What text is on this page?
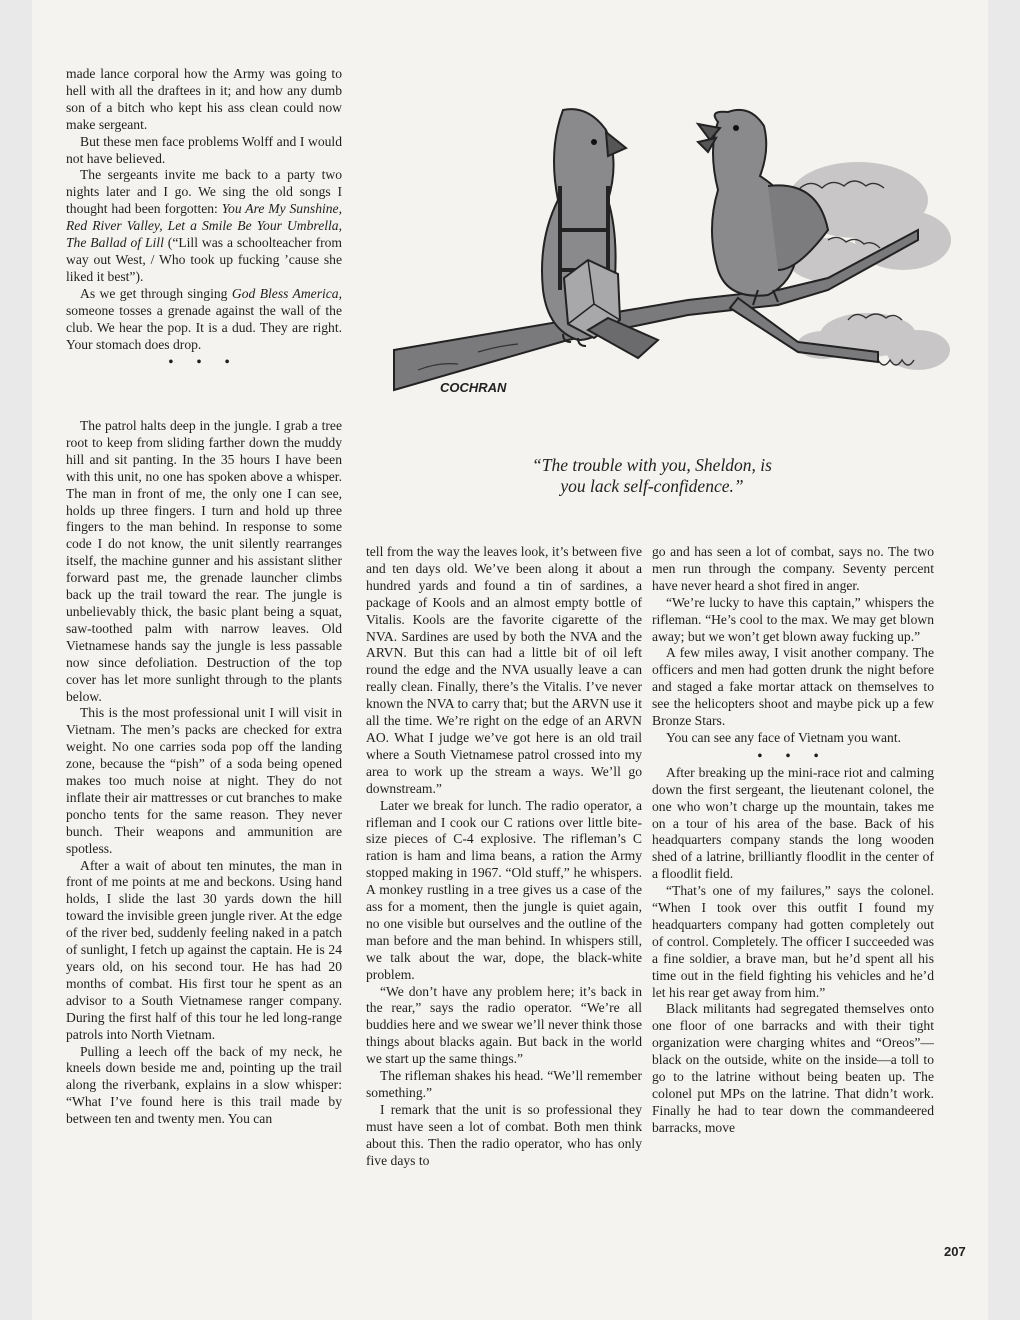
made lance corporal how the Army was going to hell with all the draftees in it; and how any dumb son of a bitch who kept his ass clean could now make sergeant.

But these men face problems Wolff and I would not have believed.

The sergeants invite me back to a party two nights later and I go. We sing the old songs I thought had been forgotten: You Are My Sunshine, Red River Valley, Let a Smile Be Your Umbrella, The Ballad of Lill (“Lill was a schoolteacher from way out West, / Who took up fucking ’cause she liked it best”).

As we get through singing God Bless America, someone tosses a grenade against the wall of the club. We hear the pop. It is a dud. They are right. Your stomach does drop.

• • •

The patrol halts deep in the jungle. I grab a tree root to keep from sliding farther down the muddy hill and sit panting. In the 35 hours I have been with this unit, no one has spoken above a whisper. The man in front of me, the only one I can see, holds up three fingers. I turn and hold up three fingers to the man behind. In response to some code I do not know, the unit silently rearranges itself, the machine gunner and his assistant slither forward past me, the grenade launcher climbs back up the trail toward the rear. The jungle is unbelievably thick, the basic plant being a squat, saw-toothed palm with narrow leaves. Old Vietnamese hands say the jungle is less passable now since defoliation. Destruction of the top cover has let more sunlight through to the plants below.

This is the most professional unit I will visit in Vietnam. The men’s packs are checked for extra weight. No one carries soda pop off the landing zone, because the “pish” of a soda being opened makes too much noise at night. They do not inflate their air mattresses or cut branches to make poncho tents for the same reason. They never bunch. Their weapons and ammunition are spotless.

After a wait of about ten minutes, the man in front of me points at me and beckons. Using hand holds, I slide the last 30 yards down the hill toward the invisible green jungle river. At the edge of the river bed, suddenly feeling naked in a patch of sunlight, I fetch up against the captain. He is 24 years old, on his second tour. He has had 20 months of combat. His first tour he spent as an advisor to a South Vietnamese ranger company. During the first half of this tour he led long-range patrols into North Vietnam.

Pulling a leech off the back of my neck, he kneels down beside me and, pointing up the trail along the riverbank, explains in a slow whisper: “What I’ve found here is this trail made by between ten and twenty men. You can

COCHRAN
“The trouble with you, Sheldon, is
you lack self-confidence.”

tell from the way the leaves look, it’s between five and ten days old. We’ve been along it about a hundred yards and found a tin of sardines, a package of Kools and an almost empty bottle of Vitalis. Kools are the favorite cigarette of the NVA. Sardines are used by both the NVA and the ARVN. But this can had a little bit of oil left round the edge and the NVA usually leave a can really clean. Finally, there’s the Vitalis. I’ve never known the NVA to carry that; but the ARVN use it all the time. We’re right on the edge of an ARVN AO. What I judge we’ve got here is an old trail where a South Vietnamese patrol crossed into my area to work up the stream a ways. We’ll go downstream.”

Later we break for lunch. The radio operator, a rifleman and I cook our C rations over little bite-size pieces of C-4 explosive. The rifleman’s C ration is ham and lima beans, a ration the Army stopped making in 1967. “Old stuff,” he whispers. A monkey rustling in a tree gives us a case of the ass for a moment, then the jungle is quiet again, no one visible but ourselves and the outline of the man before and the man behind. In whispers still, we talk about the war, dope, the black-white problem.

“We don’t have any problem here; it’s back in the rear,” says the radio operator. “We’re all buddies here and we swear we’ll never think those things about blacks again. But back in the world we start up the same things.”

The rifleman shakes his head. “We’ll remember something.”

I remark that the unit is so professional they must have seen a lot of combat. Both men think about this. Then the radio operator, who has only five days to

go and has seen a lot of combat, says no. The two men run through the company. Seventy percent have never heard a shot fired in anger.

“We’re lucky to have this captain,” whispers the rifleman. “He’s cool to the max. We may get blown away; but we won’t get blown away fucking up.”

A few miles away, I visit another company. The officers and men had gotten drunk the night before and staged a fake mortar attack on themselves to see the helicopters shoot and maybe pick up a few Bronze Stars.

You can see any face of Vietnam you want.

• • •

After breaking up the mini-race riot and calming down the first sergeant, the lieutenant colonel, the one who won’t charge up the mountain, takes me on a tour of his area of the base. Back of his headquarters company stands the long wooden shed of a latrine, brilliantly floodlit in the center of a floodlit field.

“That’s one of my failures,” says the colonel. “When I took over this outfit I found my headquarters company had gotten completely out of control. Completely. The officer I succeeded was a fine soldier, a brave man, but he’d spent all his time out in the field fighting his vehicles and he’d let his rear get away from him.”

Black militants had segregated themselves onto one floor of one barracks and with their tight organization were charging whites and “Oreos”—black on the outside, white on the inside—a toll to go to the latrine without being beaten up. The colonel put MPs on the latrine. That didn’t work. Finally he had to tear down the commandeered barracks, move

207
